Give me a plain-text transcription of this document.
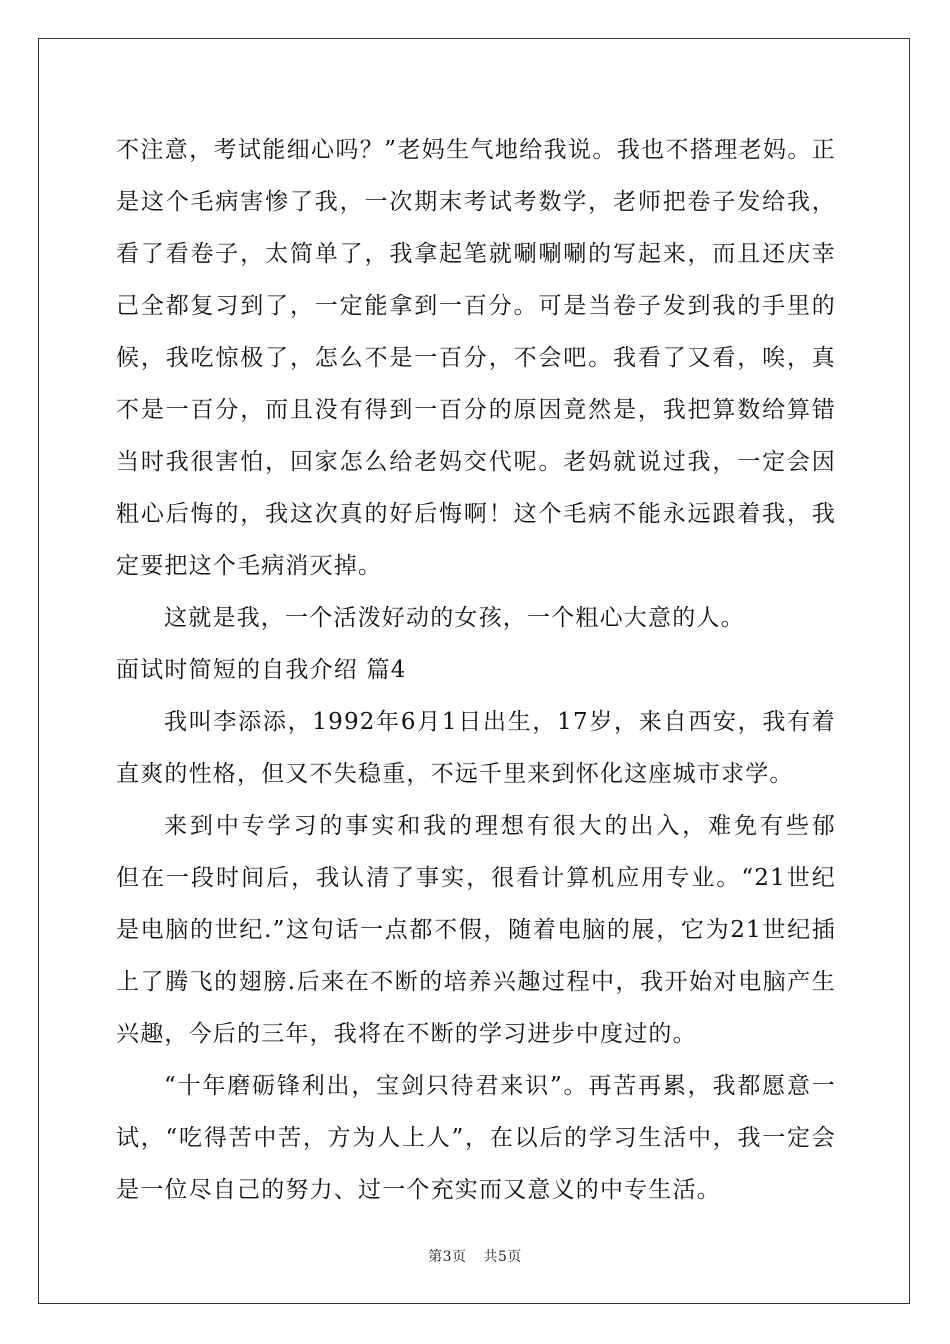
不注意，考试能细心吗？”老妈生气地给我说。我也不搭理老妈。正
是这个毛病害惨了我，一次期末考试考数学，老师把卷子发给我，
看了看卷子，太简单了，我拿起笔就唰唰唰的写起来，而且还庆幸
己全都复习到了，一定能拿到一百分。可是当卷子发到我的手里的
候，我吃惊极了，怎么不是一百分，不会吧。我看了又看，唉，真
不是一百分，而且没有得到一百分的原因竟然是，我把算数给算错
当时我很害怕，回家怎么给老妈交代呢。老妈就说过我，一定会因
粗心后悔的，我这次真的好后悔啊！这个毛病不能永远跟着我，我
定要把这个毛病消灭掉。
这就是我，一个活泼好动的女孩，一个粗心大意的人。
面试时简短的自我介绍 篇4
我叫李添添，1992年6月1日出生，17岁，来自西安，我有着
直爽的性格，但又不失稳重，不远千里来到怀化这座城市求学。
来到中专学习的事实和我的理想有很大的出入，难免有些郁
但在一段时间后，我认清了事实，很看计算机应用专业。“21世纪
是电脑的世纪.”这句话一点都不假，随着电脑的展，它为21世纪插
上了腾飞的翅膀.后来在不断的培养兴趣过程中，我开始对电脑产生
兴趣，今后的三年，我将在不断的学习进步中度过的。
“十年磨砺锋利出，宝剑只待君来识”。再苦再累，我都愿意一
试，“吃得苦中苦，方为人上人”，在以后的学习生活中，我一定会
是一位尽自己的努力、过一个充实而又意义的中专生活。
第3页 共5页
